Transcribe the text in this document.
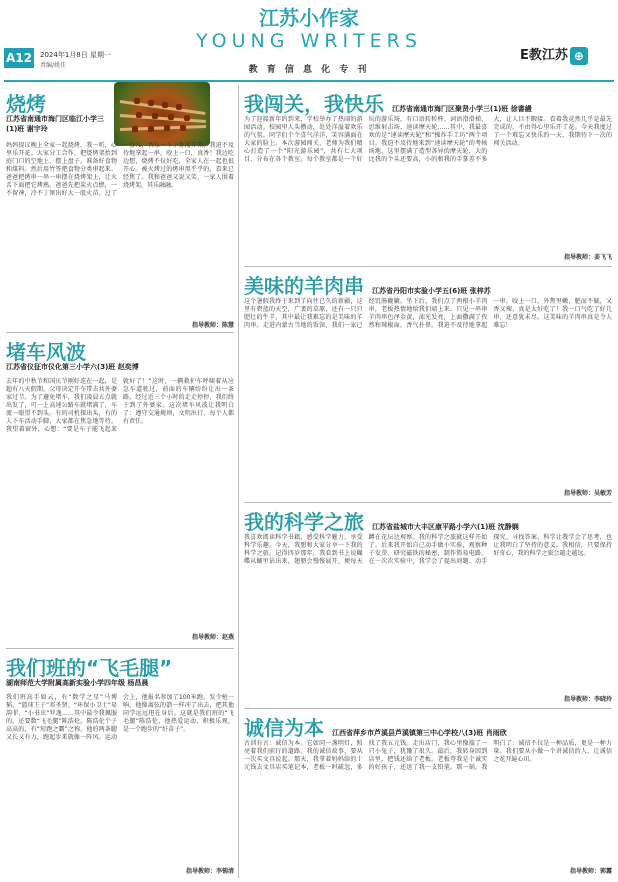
A12 2024年1月8日 星期一
责编/姚佳
江苏小作家
YOUNG WRITERS
教 育 信 息 化 专 刊
E教江苏 ⊕
烧烤
江苏省南通市海门区临江小学三(1)班 谢宇玲
妈妈提议晚上全家一起烧烤，我一听，心里乐开花。大家分工合作，把烧烤架抬到庭门口的空地上，摆上盘子，准备好食物和煤料。然后用竹签把食物分类串起来。爸爸把烤串一串一串摆在烧烤架上，让火舌下面把它烤熟。爸爸先把炭火点燃，一不留神，冷不丁窜出好大一股火苗。过了一会儿，香味一下子弥漫开来，我迫不及待地拿起一串，咬上一口，真香！我边吃边想，烧烤不仅好吃，全家人在一起也很开心。被火烤过的烤串黑乎乎的，看来已经焦了。我和爸爸又说又笑，一家人围着烧烤架，其乐融融。
指导教师：陈慧
堵车风波
江苏省仪征市仪化第三小学六(3)班 赵奕博
去年的中秋节和国庆节刚好连在一起，是超有八天假期，父母决定开车带去共外婆家过节。为了避免堵车，我们凌晨五点就出发了，可一上高速公路车就堵满了，车流一眼望不到头。有的司机探出头，有的人下车活动手脚，大家都在焦急地等待。我望着窗外，心想：“要是车子能飞起来就好了！”这时，一辆救护车呼啸着从应急车道驶过，前面的车辆纷纷让出一条路。经过近三个小时的走走停停，我们终于到了外婆家。这次堵车风波让我明白了：遵守交通规则，文明出行，每个人都有责任。
指导教师：赵燕
我们班的“飞毛腿”
湖南师范大学附属高新实验小学四年级 杨昌晨
我们班高手如云，有“数学之星”马博韬、“篮球王子”邓圣贤、“环保小卫士”易韵菲、“小书虫”罗逸……其中最令我佩服的，还要数“飞毛腿”陈浩伦。陈浩伦个子高高的，有“短跑之霸”之称。他的两条腿又长又有力，跑起步来就像一阵风。运动会上，他报名参加了100米跑。发令枪一响，他像离弦的箭一样冲了出去，把其他同学远远甩在身后。这就是我们班的“飞毛腿”陈浩伦，他热爱运动、积极乐观，是一个跑步的“好苗子”。
指导教师：李锡清
我闯关，我快乐 江苏省南通市海门区聚贤小学三(1)班 徐書縵
为了迎接新年的到来，学校举办了热闹的游园活动。校园里人头攒动，处处洋溢着欢乐的气氛。同学们个个喜气洋洋，笑容满面在大家的脸上。本次游园闯关，老师为我们精心打造了一个“阳光游乐园”，共有七大项目，分布在各个教室。每个教室都是一个好玩的游乐场，有口语转转杯、词语滑滑梯、思维射击场、速读摩天轮……其中，我最喜欢的是“速读摩天轮”和“操作手工坊”两个项目。我迫不及待地来到“速读摩天轮”的考核场地。这里摆满了造型各异的摩天轮，大的比我的个头还要高，小的和我的手掌差不多大，让人目不暇接。看着我竟然几乎是最先完成的，不由得心里乐开了花。今天我度过了一个难忘又快乐的一天，我期待下一次的闯关活动。
指导教师：姜飞飞
美味的羊肉串 江苏省丹阳市实验小学五(6)班 张梓苏
这个暑假我终于来到了向往已久的新疆，这里有碧蓝的天空，广袤的草原，还有一只只肥壮的牛羊，其中最让我难忘的是美味的羊肉串。走进内蒙古当地的饭馆，我们一家已经饥肠辘辘。坐下后，我们点了两根小羊肉串，老板热情地给我们端上来。只见一串串羊肉串色泽金黄，油光发亮，上面撒满了孜然和辣椒面，香气扑鼻。我迫不及待地拿起一串，咬上一口，外焦里嫩，肥而不腻，又香又辣，真是太好吃了！我一口气吃了好几串，还意犹未尽。这美味的羊肉串真是令人难忘！
指导教师：吴敏芳
我的科学之旅 江苏省盐城市大丰区康平路小学六(1)班 沈静娴
我喜欢阅读科学书籍，感受科学魅力，享受科学乐趣。今天，我想和大家分享一下我的科学之旅。记得四岁那年，我看到书上说蝴蝶从蛹里钻出来，翅膀会慢慢展开，便每天蹲在花坛边观察。我的科学之旅就这样开始了。后来我开始自己动手做小实验，观察种子发芽、研究磁铁的秘密、制作简易电路。在一次次实验中，我学会了提出问题、动手探究、寻找答案。科学让我学会了思考，也让我明白了坚持的意义。我相信，只要保持好奇心，我的科学之旅会越走越远。
指导教师：李晓玲
诚信为本 江西省萍乡市芦溪县芦溪镇第三中心学校八(3)班 肖雨欣
古训有言：诚信为本。它如同一盏明灯，照亮着我们前行的道路。我的诚信故事，要从一次买文具说起。那天，我拿着妈妈给的十元钱去文具店买笔记本，老板一时疏忽，多找了我五元钱。走出店门，我心里像揣了一只小兔子，犹豫了很久。最后，我转身回到店里，把钱还给了老板。老板夸我是个诚实的好孩子，还送了我一支铅笔。那一刻，我明白了：诚信不仅是一种品质，更是一种力量。我们要从小做一个讲诚信的人，让诚信之花开遍心田。
指导教师：郭露
